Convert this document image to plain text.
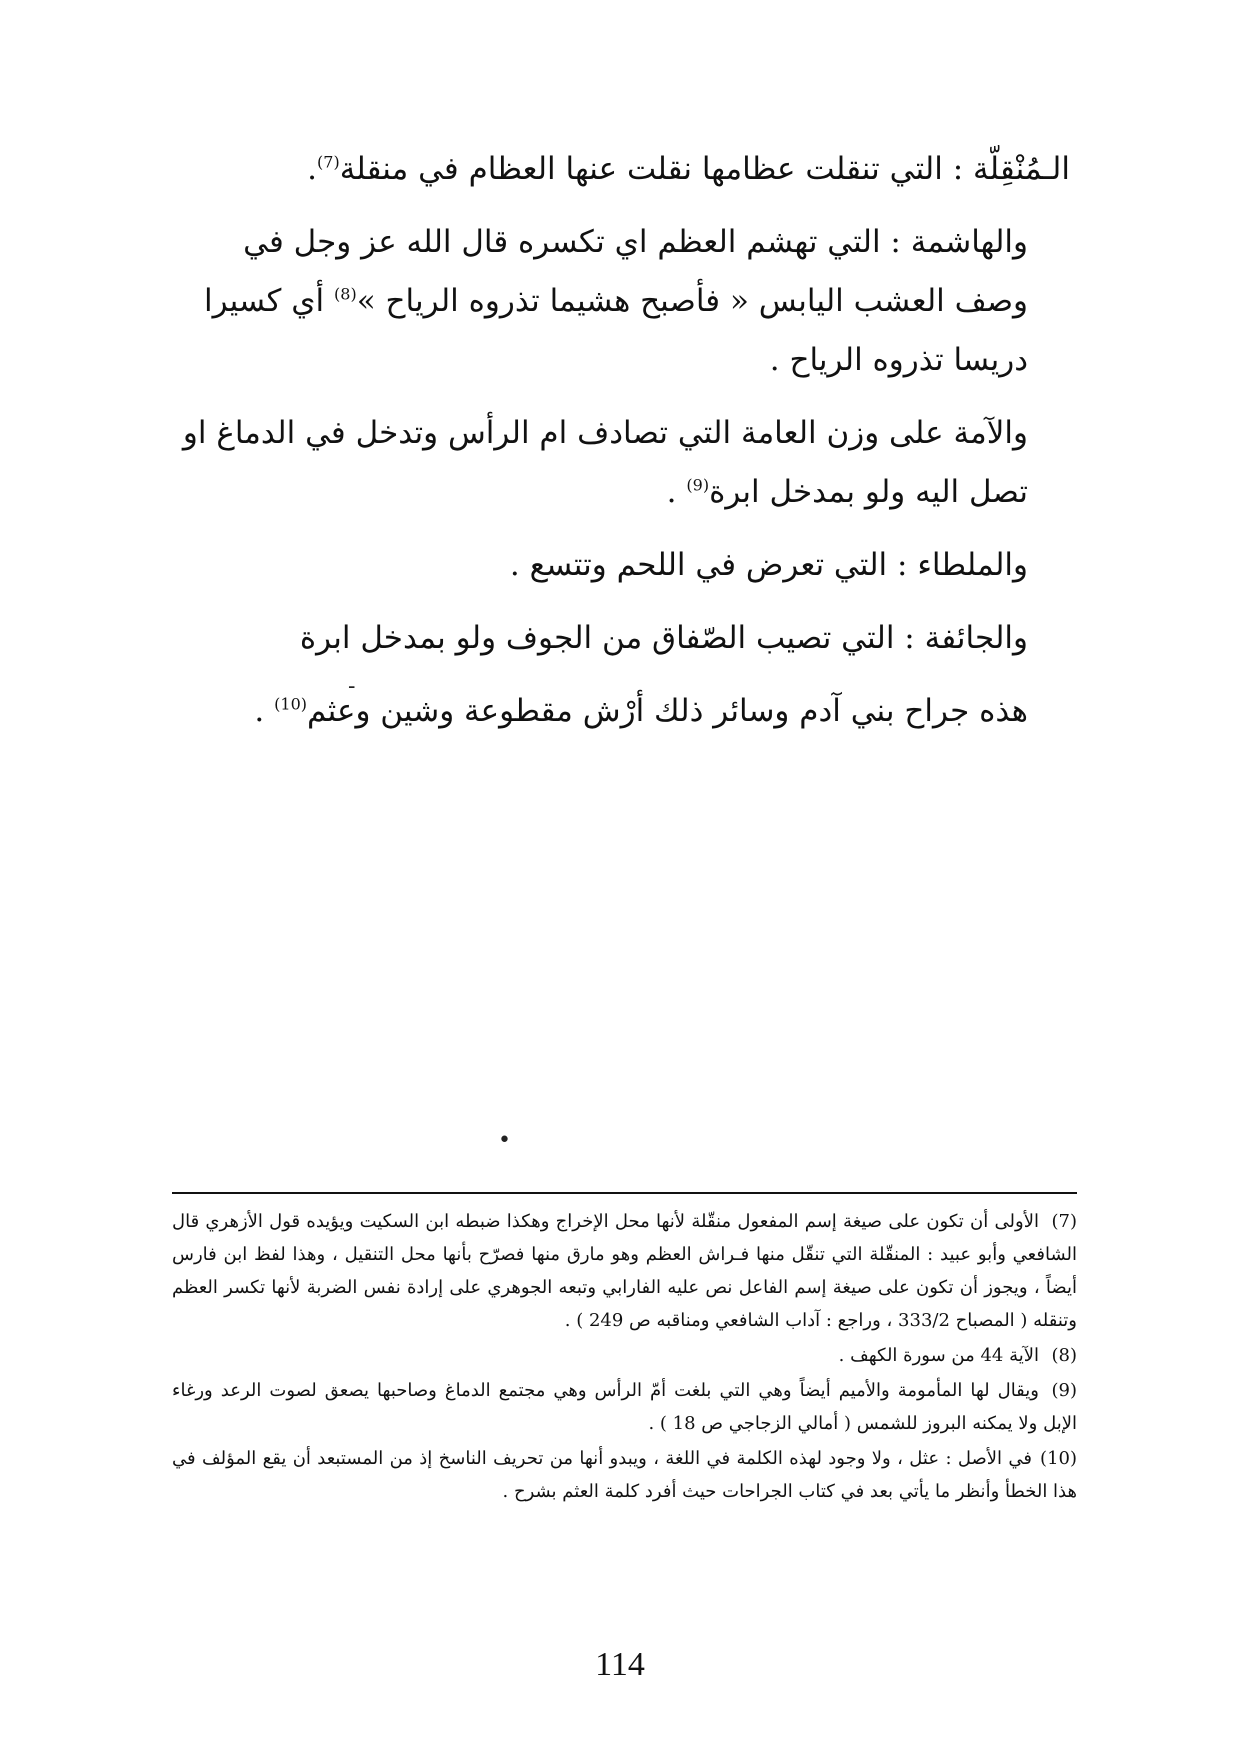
الـمُنْقِلّة : التي تنقلت عظامها نقلت عنها العظام في منقلة$^{(7)}$.

والهاشمة : التي تهشم العظم اي تكسره قال الله عز وجل في وصف العشب اليابس « فأصبح هشيما تذروه الرياح »$^{(8)}$ أي كسيرا دريسا تذروه الرياح .

والآمة على وزن العامة التي تصادف ام الرأس وتدخل في الدماغ او تصل اليه ولو بمدخل ابرة$^{(9)}$ .

والملطاء : التي تعرض في اللحم وتتسع .

والجائفة : التي تصيب الصّفاق من الجوف ولو بمدخل ابرة

هذه جراح بني آدم وسائر ذلك أرْش مقطوعة وشين وعثم$^{(10)}$ .

-
•

(7)الأولى أن تكون على صيغة إسم المفعول منقّلة لأنها محل الإخراج وهكذا ضبطه ابن السكيت ويؤيده قول الأزهري قال الشافعي وأبو عبيد : المنقّلة التي تنقّل منها فـراش العظم وهو مارق منها فصرّح بأنها محل التنقيل ، وهذا لفظ ابن فارس أيضاً ، ويجوز أن تكون على صيغة إسم الفاعل نص عليه الفارابي وتبعه الجوهري على إرادة نفس الضربة لأنها تكسر العظم وتنقله ( المصباح 333/2 ، وراجع : آداب الشافعي ومناقبه ص 249 ) .

(8)الآية 44 من سورة الكهف .

(9)ويقال لها المأمومة والأميم أيضاً وهي التي بلغت أمّ الرأس وهي مجتمع الدماغ وصاحبها يصعق لصوت الرعد ورغاء الإبل ولا يمكنه البروز للشمس ( أمالي الزجاجي ص 18 ) .

(10)في الأصل : عثل ، ولا وجود لهذه الكلمة في اللغة ، ويبدو أنها من تحريف الناسخ إذ من المستبعد أن يقع المؤلف في هذا الخطأ وأنظر ما يأتي بعد في كتاب الجراحات حيث أفرد كلمة العثم بشرح .

114
